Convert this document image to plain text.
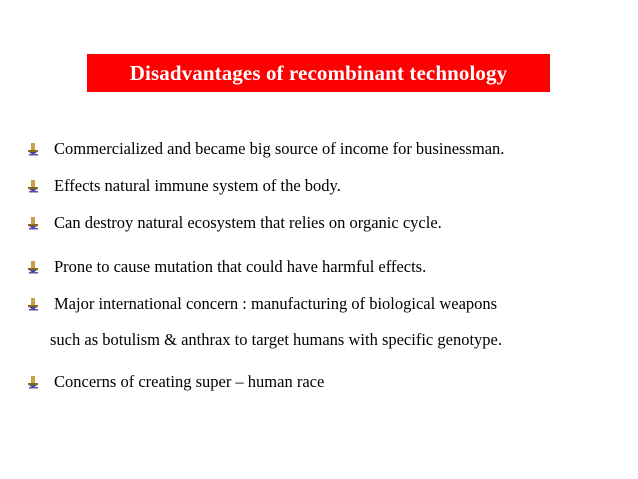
Disadvantages of recombinant technology
Commercialized and became big source of income for businessman.
Effects natural immune system of the body.
Can destroy natural ecosystem that relies on organic cycle.
Prone to cause mutation that could have harmful effects.
Major international concern : manufacturing of biological weapons
such as botulism & anthrax to target humans with specific genotype.
Concerns of creating super – human race
